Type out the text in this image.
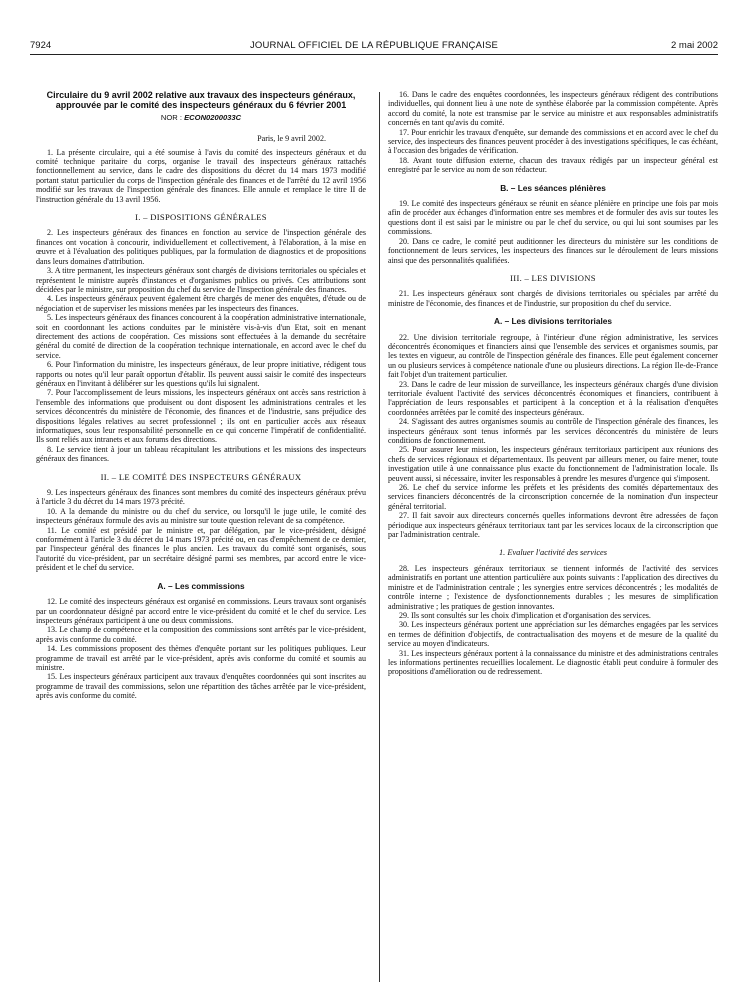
7924	JOURNAL OFFICIEL DE LA RÉPUBLIQUE FRANÇAISE	2 mai 2002
Circulaire du 9 avril 2002 relative aux travaux des inspecteurs généraux, approuvée par le comité des inspecteurs généraux du 6 février 2001
NOR : ECON0200033C
Paris, le 9 avril 2002.

1. La présente circulaire, qui a été soumise à l'avis du comité des inspecteurs généraux et du comité technique paritaire du corps, organise le travail des inspecteurs généraux rattachés fonctionnellement au service, dans le cadre des dispositions du décret du 14 mars 1973 modifié portant statut particulier du corps de l'inspection générale des finances et de l'arrêté du 12 avril 1956 modifié sur les travaux de l'inspection générale des finances. Elle annule et remplace le titre II de l'instruction générale du 13 avril 1956.

I. – DISPOSITIONS GÉNÉRALES

2. Les inspecteurs généraux des finances en fonction au service de l'inspection générale des finances ont vocation à concourir, individuellement et collectivement, à l'élaboration, à la mise en œuvre et à l'évaluation des politiques publiques, par la formulation de diagnostics et de propositions dans leurs domaines d'attribution.

3. A titre permanent, les inspecteurs généraux sont chargés de divisions territoriales ou spéciales et représentent le ministre auprès d'instances et d'organismes publics ou privés. Ces attributions sont décidées par le ministre, sur proposition du chef du service de l'inspection générale des finances.

4. Les inspecteurs généraux peuvent également être chargés de mener des enquêtes, d'étude ou de négociation et de superviser les missions menées par les inspecteurs des finances.

5. Les inspecteurs généraux des finances concourent à la coopération administrative internationale, soit en coordonnant les actions conduites par le ministère vis-à-vis d'un Etat, soit en menant directement des actions de coopération. Ces missions sont effectuées à la demande du secrétaire général du comité de direction de la coopération technique internationale, en accord avec le chef du service.

6. Pour l'information du ministre, les inspecteurs généraux, de leur propre initiative, rédigent tous rapports ou notes qu'il leur paraît opportun d'établir. Ils peuvent aussi saisir le comité des inspecteurs généraux en l'invitant à délibérer sur les questions qu'ils lui signalent.

7. Pour l'accomplissement de leurs missions, les inspecteurs généraux ont accès sans restriction à l'ensemble des informations que produisent ou dont disposent les administrations centrales et les services déconcentrés du ministère de l'économie, des finances et de l'industrie, sans préjudice des dispositions légales relatives au secret professionnel ; ils ont en particulier accès aux réseaux informatiques, sous leur responsabilité personnelle en ce qui concerne l'impératif de confidentialité. Ils sont reliés aux intranets et aux forums des directions.

8. Le service tient à jour un tableau récapitulant les attributions et les missions des inspecteurs généraux des finances.

II. – LE COMITÉ DES INSPECTEURS GÉNÉRAUX

9. Les inspecteurs généraux des finances sont membres du comité des inspecteurs généraux prévu à l'article 3 du décret du 14 mars 1973 précité.

10. A la demande du ministre ou du chef du service, ou lorsqu'il le juge utile, le comité des inspecteurs généraux formule des avis au ministre sur toute question relevant de sa compétence.

11. Le comité est présidé par le ministre et, par délégation, par le vice-président, désigné conformément à l'article 3 du décret du 14 mars 1973 précité ou, en cas d'empêchement de ce dernier, par l'inspecteur général des finances le plus ancien. Les travaux du comité sont organisés, sous l'autorité du vice-président, par un secrétaire désigné parmi ses membres, par accord entre le vice-président et le chef du service.

A. – Les commissions

12. Le comité des inspecteurs généraux est organisé en commissions. Leurs travaux sont organisés par un coordonnateur désigné par accord entre le vice-président du comité et le chef du service. Les inspecteurs généraux participent à une ou deux commissions.

13. Le champ de compétence et la composition des commissions sont arrêtés par le vice-président, après avis conforme du comité.

14. Les commissions proposent des thèmes d'enquête portant sur les politiques publiques. Leur programme de travail est arrêté par le vice-président, après avis conforme du comité et soumis au ministre.

15. Les inspecteurs généraux participent aux travaux d'enquêtes coordonnées qui sont inscrites au programme de travail des commissions, selon une répartition des tâches arrêtée par le vice-président, après avis conforme du comité.

16. Dans le cadre des enquêtes coordonnées, les inspecteurs généraux rédigent des contributions individuelles, qui donnent lieu à une note de synthèse élaborée par la commission compétente. Après accord du comité, la note est transmise par le service au ministre et aux responsables administratifs concernés en tant qu'avis du comité.

17. Pour enrichir les travaux d'enquête, sur demande des commissions et en accord avec le chef du service, des inspecteurs des finances peuvent procéder à des investigations spécifiques, le cas échéant, à l'occasion des brigades de vérification.

18. Avant toute diffusion externe, chacun des travaux rédigés par un inspecteur général est enregistré par le service au nom de son rédacteur.

B. – Les séances plénières

19. Le comité des inspecteurs généraux se réunit en séance plénière en principe une fois par mois afin de procéder aux échanges d'information entre ses membres et de formuler des avis sur toutes les questions dont il est saisi par le ministre ou par le chef du service, ou qui lui sont soumises par les commissions.

20. Dans ce cadre, le comité peut auditionner les directeurs du ministère sur les conditions de fonctionnement de leurs services, les inspecteurs des finances sur le déroulement de leurs missions ainsi que des personnalités qualifiées.

III. – LES DIVISIONS

21. Les inspecteurs généraux sont chargés de divisions territoriales ou spéciales par arrêté du ministre de l'économie, des finances et de l'industrie, sur proposition du chef du service.

A. – Les divisions territoriales

22. Une division territoriale regroupe, à l'intérieur d'une région administrative, les services déconcentrés économiques et financiers ainsi que l'ensemble des services et organismes soumis, par les textes en vigueur, au contrôle de l'inspection générale des finances. Elle peut également concerner un ou plusieurs services à compétence nationale d'une ou plusieurs directions. La région Ile-de-France fait l'objet d'un traitement particulier.

23. Dans le cadre de leur mission de surveillance, les inspecteurs généraux chargés d'une division territoriale évaluent l'activité des services déconcentrés économiques et financiers, contribuent à l'appréciation de leurs responsables et participent à la conception et à la réalisation d'enquêtes coordonnées arrêtées par le comité des inspecteurs généraux.

24. S'agissant des autres organismes soumis au contrôle de l'inspection générale des finances, les inspecteurs généraux sont tenus informés par les services déconcentrés du ministère de leurs conditions de fonctionnement.

25. Pour assurer leur mission, les inspecteurs généraux territoriaux participent aux réunions des chefs de services régionaux et départementaux. Ils peuvent par ailleurs mener, ou faire mener, toute investigation utile à une connaissance plus exacte du fonctionnement de l'administration locale. Ils peuvent aussi, si nécessaire, inviter les responsables à prendre les mesures d'urgence qui s'imposent.

26. Le chef du service informe les préfets et les présidents des comités départementaux des services financiers déconcentrés de la circonscription concernée de la nomination d'un inspecteur général territorial.

27. Il fait savoir aux directeurs concernés quelles informations devront être adressées de façon périodique aux inspecteurs généraux territoriaux tant par les services locaux de la circonscription que par l'administration centrale.

1. Evaluer l'activité des services

28. Les inspecteurs généraux territoriaux se tiennent informés de l'activité des services administratifs en portant une attention particulière aux points suivants : l'application des directives du ministre et de l'administration centrale ; les synergies entre services déconcentrés ; les modalités de contrôle interne ; l'existence de dysfonctionnements durables ; les mesures de simplification administrative ; les pratiques de gestion innovantes.

29. Ils sont consultés sur les choix d'implication et d'organisation des services.

30. Les inspecteurs généraux portent une appréciation sur les démarches engagées par les services en termes de définition d'objectifs, de contractualisation des moyens et de mesure de la qualité du service au moyen d'indicateurs.

31. Les inspecteurs généraux portent à la connaissance du ministre et des administrations centrales les informations pertinentes recueillies localement. Le diagnostic établi peut conduire à formuler des propositions d'amélioration ou de redressement.
